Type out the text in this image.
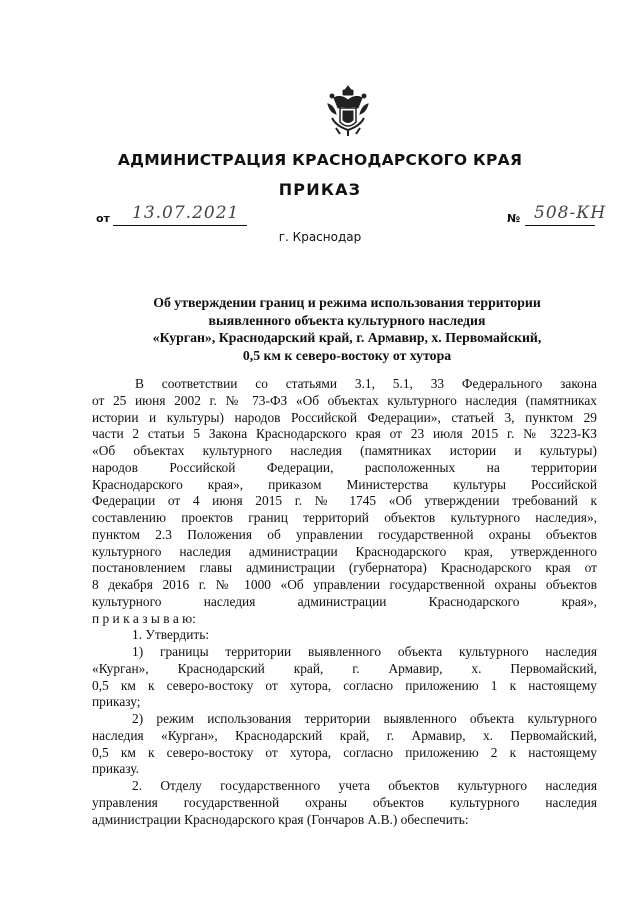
АДМИНИСТРАЦИЯ КРАСНОДАРСКОГО КРАЯ
ПРИКАЗ
от 13.07.2021	№ 508-КН
г. Краснодар
Об утверждении границ и режима использования территории
выявленного объекта культурного наследия
«Курган», Краснодарский край, г. Армавир, х. Первомайский,
0,5 км к северо-востоку от хутора
В соответствии со статьями 3.1, 5.1, 33 Федерального закона
от 25 июня 2002 г. № 73-ФЗ «Об объектах культурного наследия (памятниках
истории и культуры) народов Российской Федерации», статьей 3, пунктом 29
части 2 статьи 5 Закона Краснодарского края от 23 июля 2015 г. № 3223-КЗ
«Об объектах культурного наследия (памятниках истории и культуры)
народов Российской Федерации, расположенных на территории
Краснодарского края», приказом Министерства культуры Российской
Федерации от 4 июня 2015 г. № 1745 «Об утверждении требований к
составлению проектов границ территорий объектов культурного наследия»,
пунктом 2.3 Положения об управлении государственной охраны объектов
культурного наследия администрации Краснодарского края, утвержденного
постановлением главы администрации (губернатора) Краснодарского края от
8 декабря 2016 г. № 1000 «Об управлении государственной охраны объектов
культурного наследия администрации Краснодарского края»,
п р и к а з ы в а ю:
1. Утвердить:
1) границы территории выявленного объекта культурного наследия
«Курган», Краснодарский край, г. Армавир, х. Первомайский,
0,5 км к северо-востоку от хутора, согласно приложению 1 к настоящему
приказу;
2) режим использования территории выявленного объекта культурного
наследия «Курган», Краснодарский край, г. Армавир, х. Первомайский,
0,5 км к северо-востоку от хутора, согласно приложению 2 к настоящему
приказу.
2. Отделу государственного учета объектов культурного наследия
управления государственной охраны объектов культурного наследия
администрации Краснодарского края (Гончаров А.В.) обеспечить:
